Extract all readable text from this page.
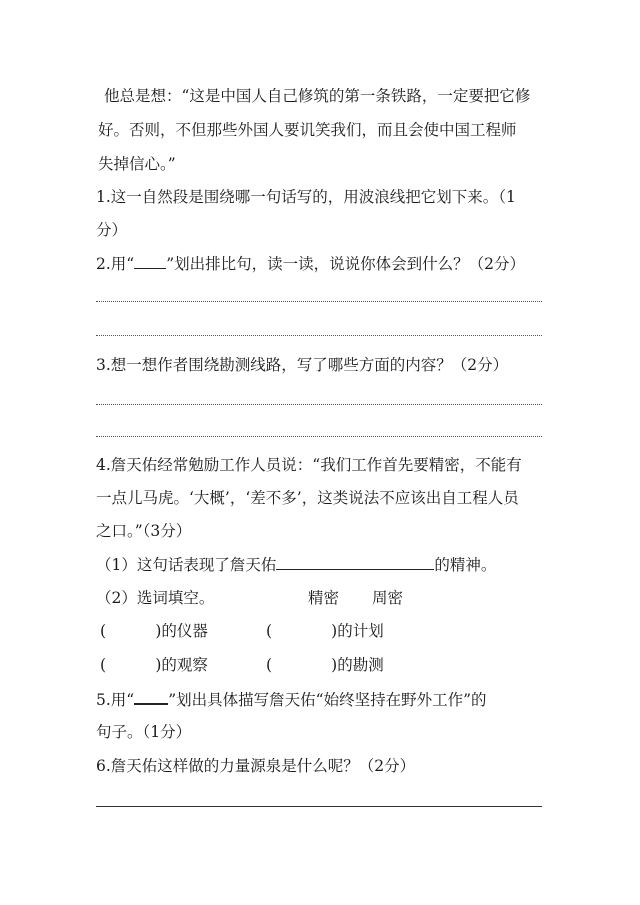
他总是想：“这是中国人自己修筑的第一条铁路，一定要把它修
好。否则，不但那些外国人要讥笑我们，而且会使中国工程师
失掉信心。”
1.这一自然段是围绕哪一句话写的，用波浪线把它划下来。（1
分）
2.用“ ”划出排比句，读一读，说说你体会到什么？（2分）
3.想一想作者围绕勘测线路，写了哪些方面的内容？（2分）
4.詹天佑经常勉励工作人员说：“我们工作首先要精密，不能有
一点儿马虎。‘大概’，‘差不多’，这类说法不应该出自工程人员
之口。”（3分）
（1）这句话表现了詹天佑	的精神。
（2）选词填空。	精密 周密
(          )的仪器	(            )的计划
(          )的观察	(            )的勘测
5.用“ ”划出具体描写詹天佑“始终坚持在野外工作”的
句子。（1分）
6.詹天佑这样做的力量源泉是什么呢？（2分）
